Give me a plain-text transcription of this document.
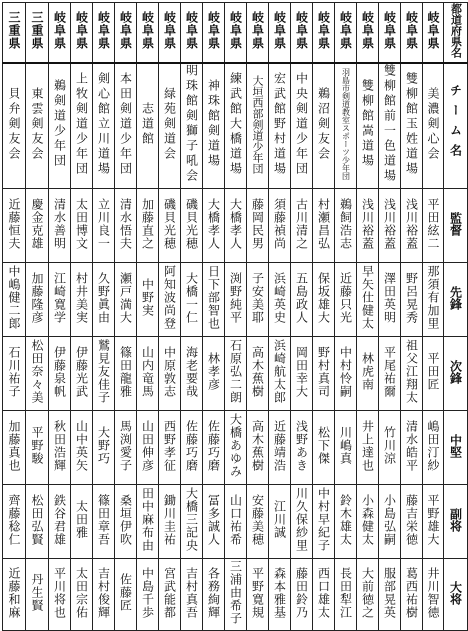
都道府県名	岐阜県	岐阜県	岐阜県	岐阜県	岐阜県	岐阜県	岐阜県	岐阜県	岐阜県	岐阜県	岐阜県	岐阜県	岐阜県	岐阜県	岐阜県	岐阜県	岐阜県	岐阜県	三重県	三重県
チーム名	美濃剣心会	雙柳館玉姓道場	雙柳館前一色道場	雙柳館嵩道場	羽島市剣道教室スポーツ少年団	鵜沼剣友会	中央剣道少年団	宏武館野村道場	大垣西部剣道少年団	練武館大橋道場	神珠館剣道場	明珠館剣獅子吼会	緑苑剣道会	志道館	本田剣道少年団	剣心館立川道場	上牧剣道少年団	鵜剣道少年団	東雲剣友会	貝弁剣友会
監督	平田絃二	浅川裕蓋	浅川裕蓋	浅川裕蓋	鵜飼浩志	村瀬昌弘	古川清之	須藤禎尚	藤岡民男	大橋孝人	大橋孝人	磯貝光穂	磯貝光穂	加藤直之	清水悟夫	立川良一	太田博文	清水善明	慶金克雄	近藤恒夫
先鋒	那須有加里	野呂晃秀	澤田英明	早矢仕健太	近藤只光	保坂雄大	五島政人	浜崎英史	子安美耶	渕野純平	日下部智也	大橋一仁	阿知波尚登	中野実	瀬戸満大	久野眞由	村井美実	江崎寛学	加藤隆彦	中嶋健二郎
次鋒	平田匠	祖父江翔太	平尾祐爾	林虎南	中村怜嗣	野村真司	岡田幸大	浜崎航太郎	高木蕉樹	石原弘二朗	林孝彦	海老要哉	中原敦志	山内竜馬	篠田龍雅	鷲見友佳子	伊藤光武	伊藤泉帆	松田奈々美	石川祐子
中堅	嶋田汀紗	清水皓平	竹川涼	井上達也	川嶋真	松下傑	浅野あき	近藤靖浩	高木蕉樹	大橋あゆみ	佐藤巧磨	佐藤巧磨	西野孝征	山田伸彦	馬渕愛子	大野巧	山中英矢	秋田浩輝	平野駿	加藤真也
副将	平野雄大	藤吉栄徳	小島弘嗣	小森健太	鈴木雄太	中村早紀子	川久保紗里	江川誠	安藤美穂	山口祐希	冨多誠人	大橋三記央	鋤川圭祐	田中麻布由	桑垣伊吹	篠田章吾	太田雅	鉄谷君雄	松田弘賢	齊藤稔仁
大将	井川智徳	葛西祐樹	服部晃英	大前徳之	長田犁江	西口雄太	藤田鈴乃	森本雅基	平野寛規	三浦由希子	各務絢輝	吉村真吾	宮武能都	中島千歩	佐藤匠	吉村俊輝	太田宗佑	平川将也	丹生賢	近藤和麻
